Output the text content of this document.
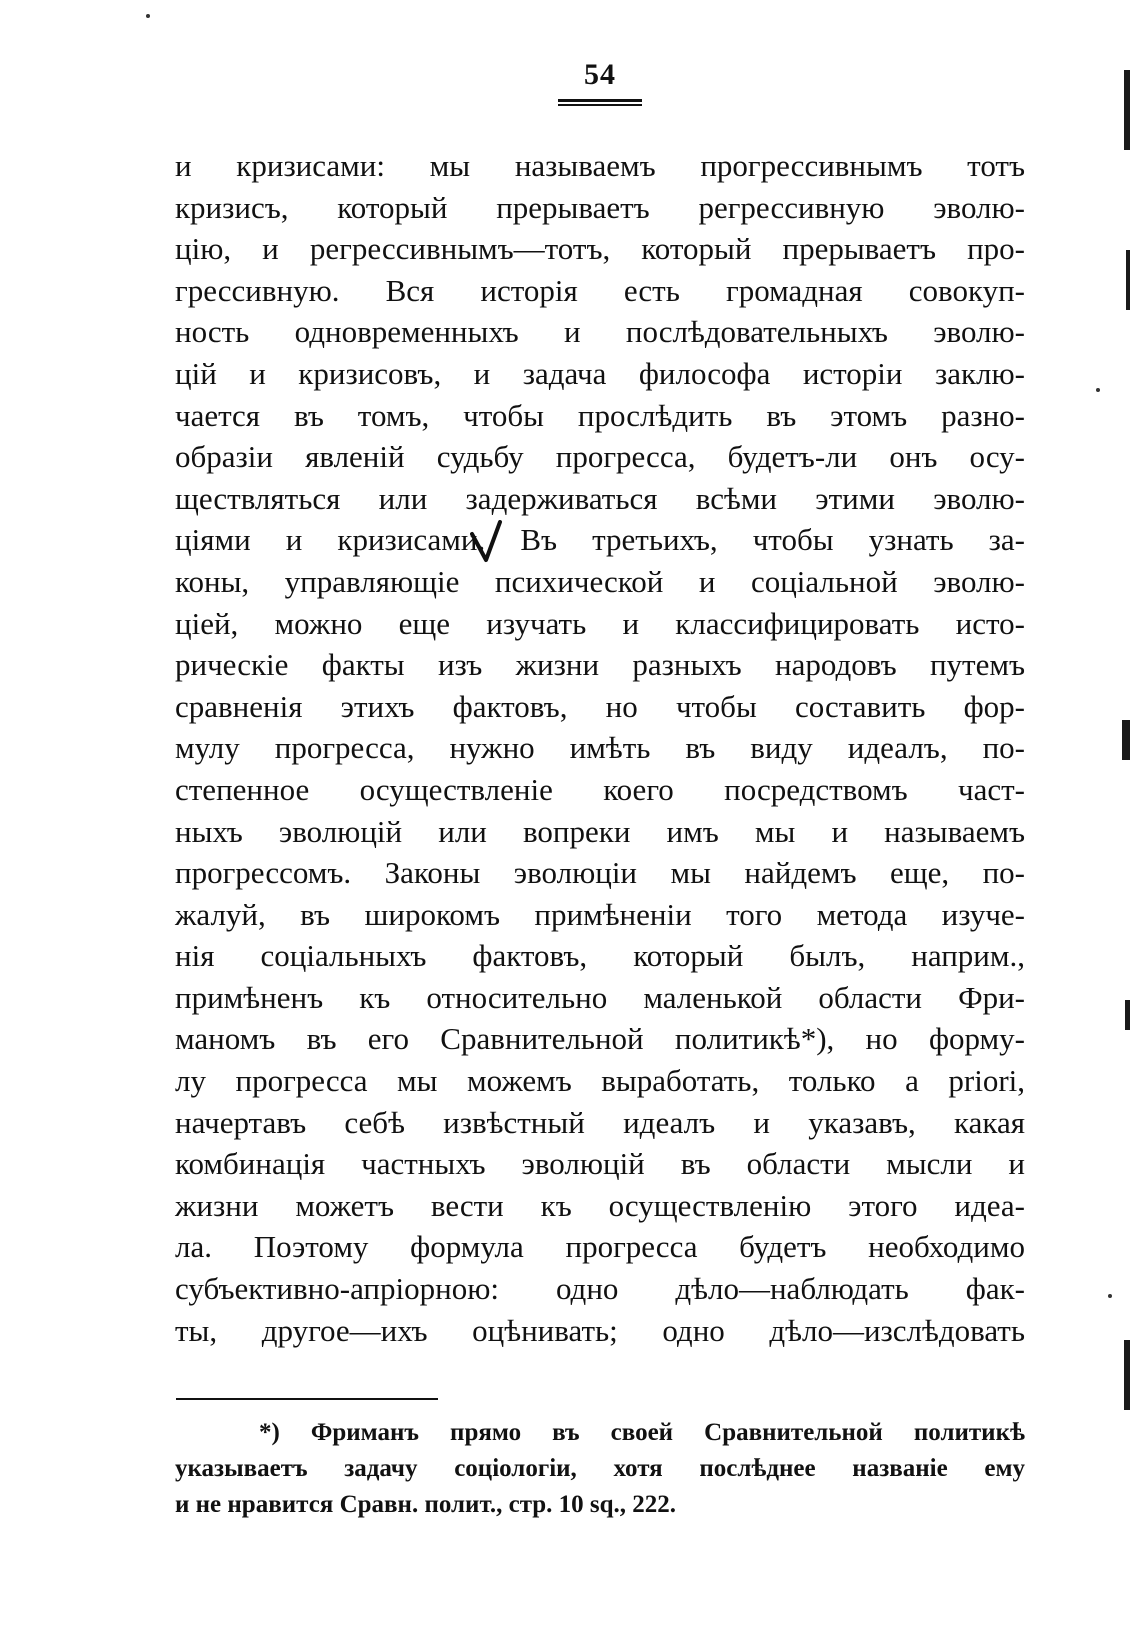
54
и кризисами: мы называемъ прогрессивнымъ тотъ
кризисъ, который прерываетъ регрессивную эволю-
цію, и регрессивнымъ—тотъ, который прерываетъ про-
грессивную. Вся исторія есть громадная совокуп-
ность одновременныхъ и послѣдовательныхъ эволю-
цій и кризисовъ, и задача философа исторіи заклю-
чается въ томъ, чтобы прослѣдить въ этомъ разно-
образіи явленій судьбу прогресса, будетъ-ли онъ осу-
ществляться или задерживаться всѣми этими эволю-
ціями и кризисами. Въ третьихъ, чтобы узнать за-
коны, управляющіе психической и соціальной эволю-
ціей, можно еще изучать и классифицировать исто-
рическіе факты изъ жизни разныхъ народовъ путемъ
сравненія этихъ фактовъ, но чтобы составить фор-
мулу прогресса, нужно имѣть въ виду идеалъ, по-
степенное осуществленіе коего посредствомъ част-
ныхъ эволюцій или вопреки имъ мы и называемъ
прогрессомъ. Законы эволюціи мы найдемъ еще, по-
жалуй, въ широкомъ примѣненіи того метода изуче-
нія соціальныхъ фактовъ, который былъ, наприм.,
примѣненъ къ относительно маленькой области Фри-
маномъ въ его Сравнительной политикѣ*), но форму-
лу прогресса мы можемъ выработать, только a priori,
начертавъ себѣ извѣстный идеалъ и указавъ, какая
комбинація частныхъ эволюцій въ области мысли и
жизни можетъ вести къ осуществленію этого идеа-
ла. Поэтому формула прогресса будетъ необходимо
субъективно-апріорною: одно дѣло—наблюдать фак-
ты, другое—ихъ оцѣнивать; одно дѣло—изслѣдовать
*) Фриманъ прямо въ своей Сравнительной политикѣ
указываетъ задачу соціологіи, хотя послѣднее названіе ему
и не нравится Сравн. полит., стр. 10 sq., 222.
